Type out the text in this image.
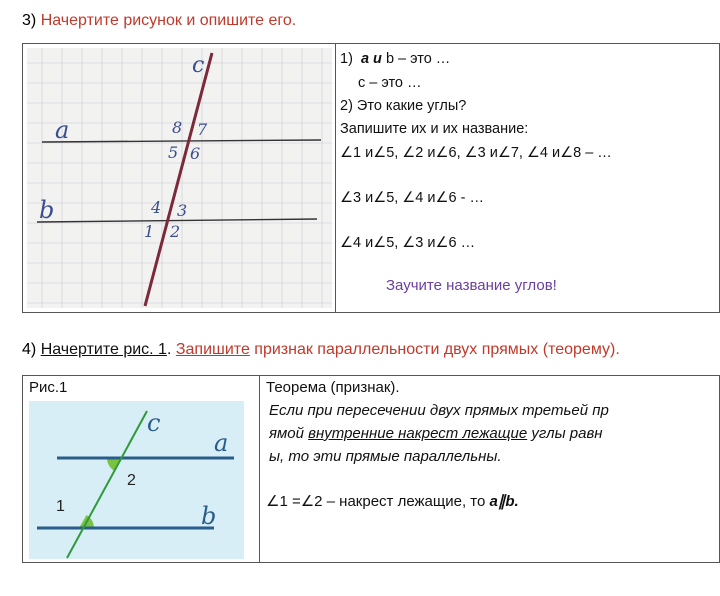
3) Начертите рисунок и опишите его.
c
a
b
8 7
5 6
4 3
1 2
1) a и b – это …
c – это …
2) Это какие углы?
Запишите их и их название:
∠1 и∠5, ∠2 и∠6, ∠3 и∠7, ∠4 и∠8 – …
∠3 и∠5, ∠4 и∠6 - …
∠4 и∠5, ∠3 и∠6 …
Заучите название углов!
4) Начертите рис. 1. Запишите признак параллельности двух прямых (теорему).
Рис.1
c
a
b
2
1
Теорема (признак).
Если при пересечении двух прямых третьей пр
ямой внутренние накрест лежащие углы равн
ы, то эти прямые параллельны.
∠1 =∠2 – накрест лежащие, то a∥b.
